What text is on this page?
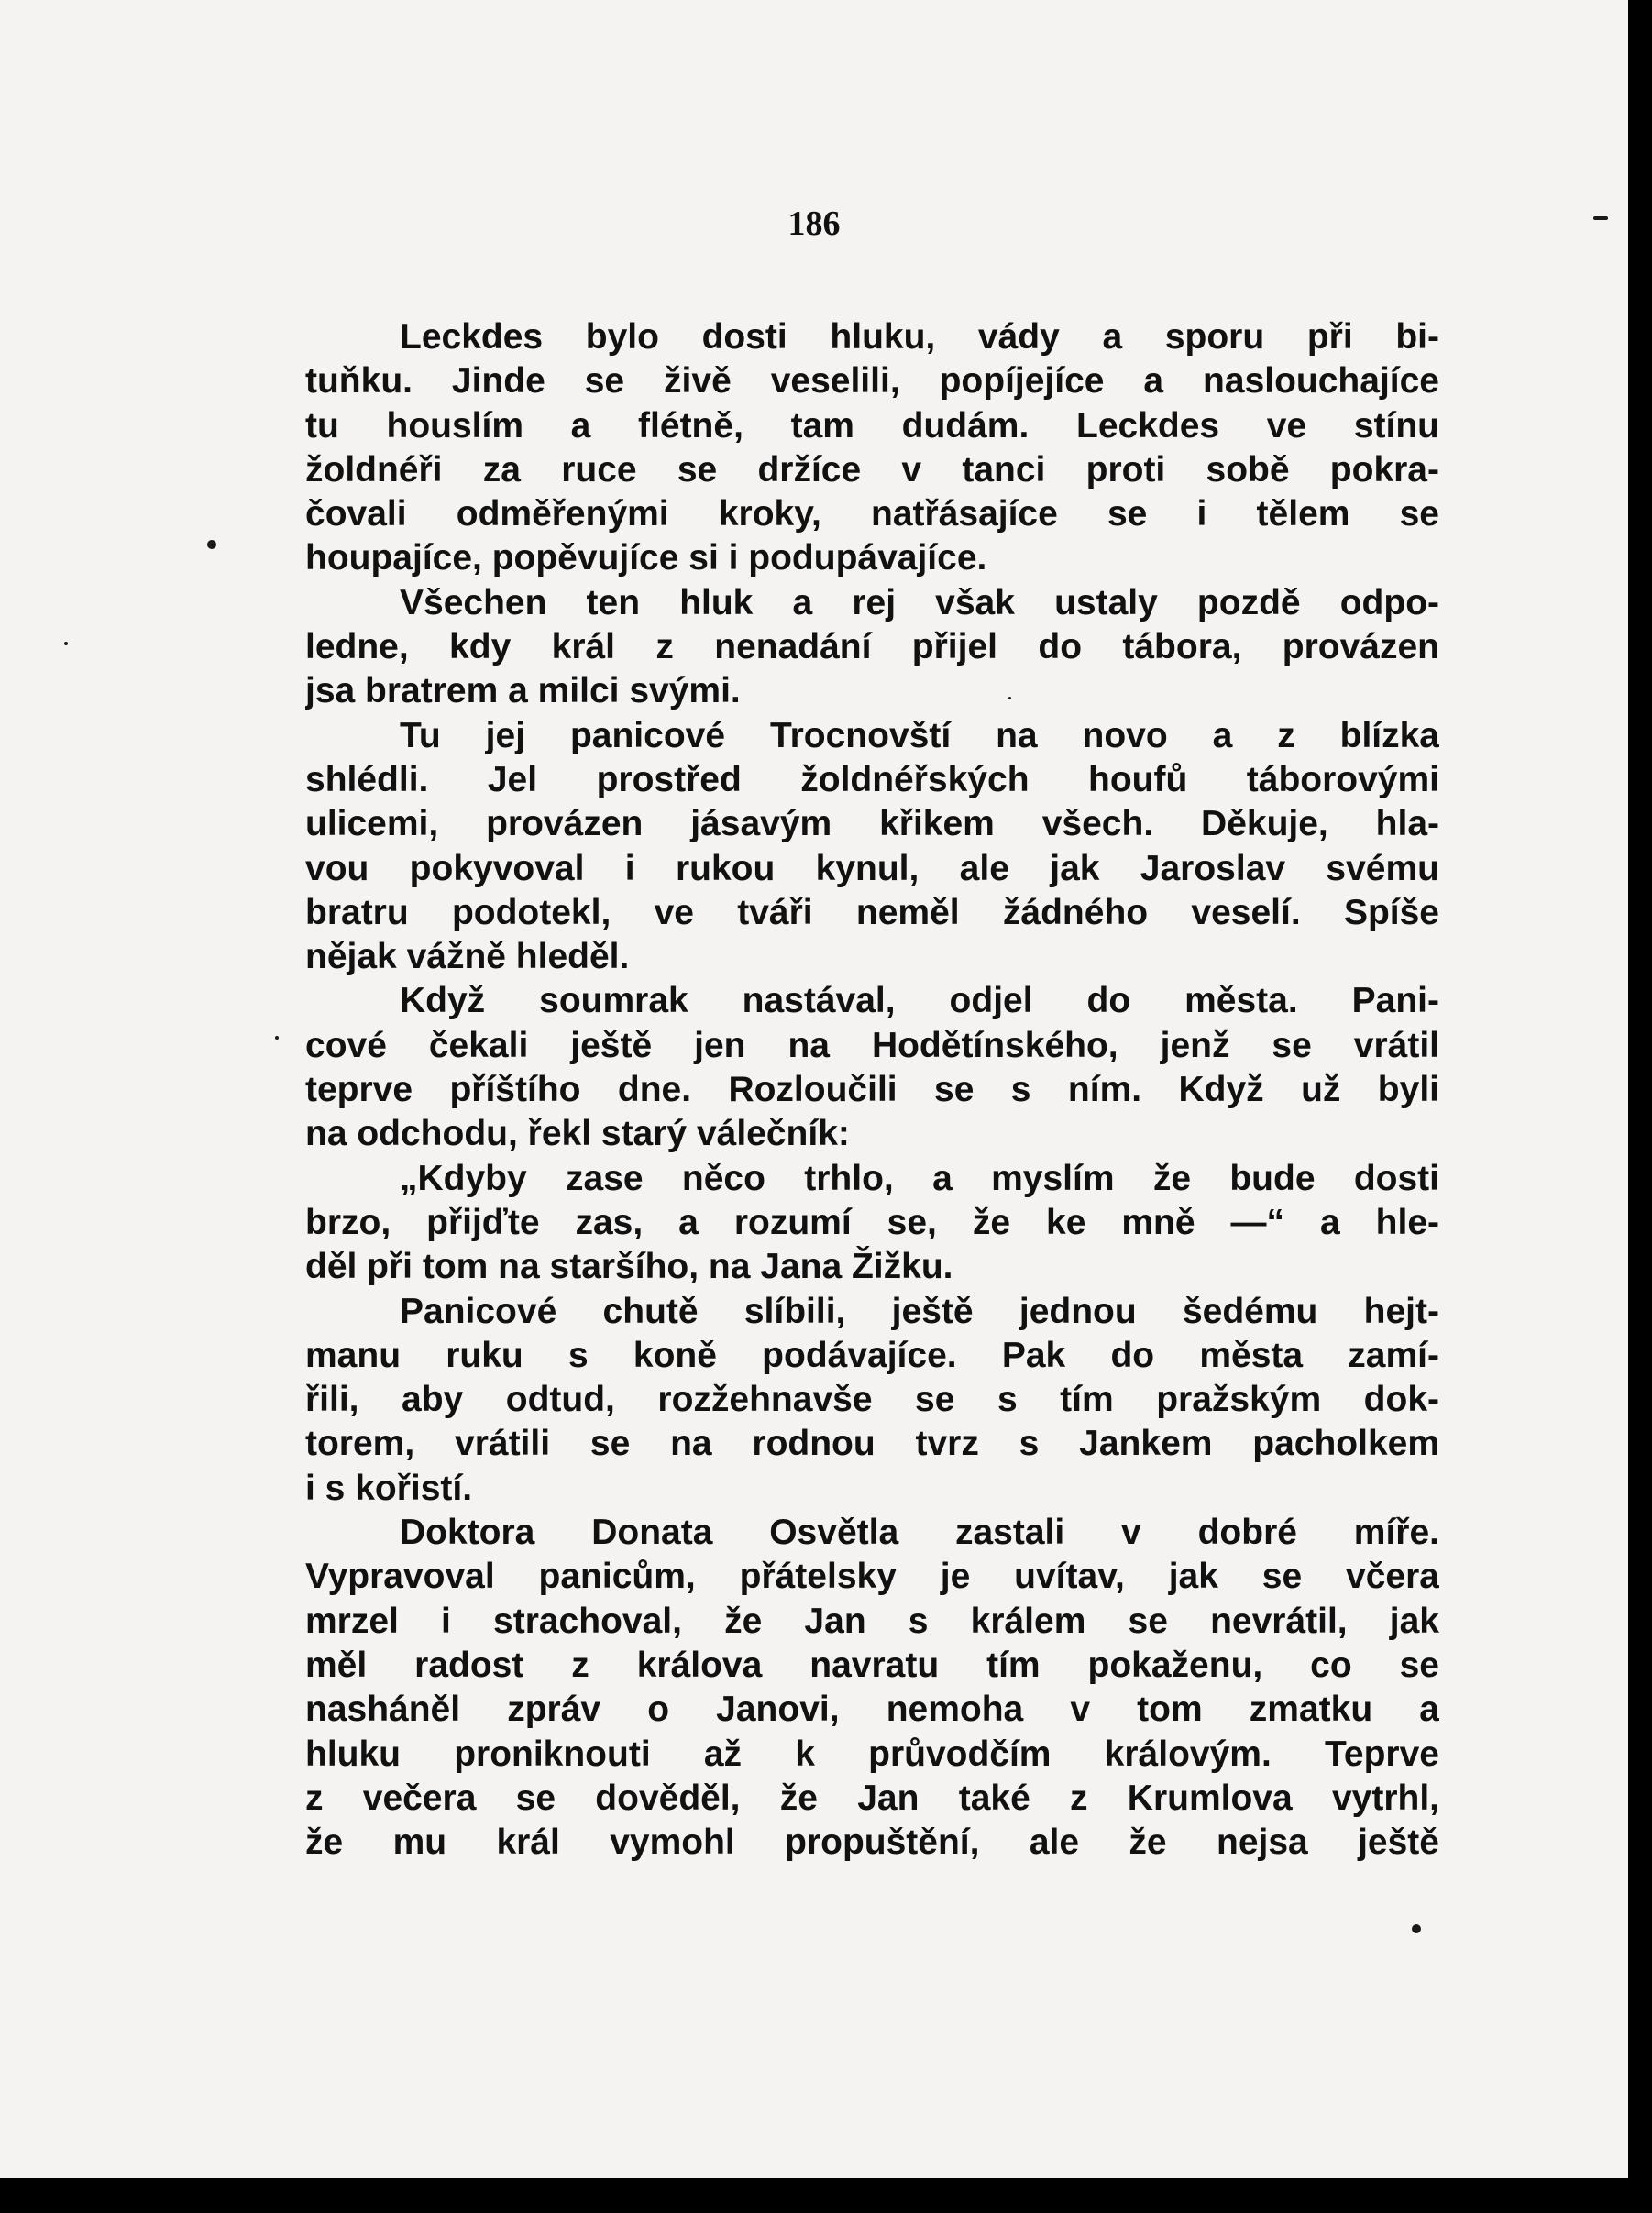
186
Leckdes bylo dosti hluku, vády a sporu při bi-
tuňku. Jinde se živě veselili, popíjejíce a naslouchajíce
tu houslím a flétně, tam dudám. Leckdes ve stínu
žoldnéři za ruce se držíce v tanci proti sobě pokra-
čovali odměřenými kroky, natřásajíce se i tělem se
houpajíce, popěvujíce si i podupávajíce.
Všechen ten hluk a rej však ustaly pozdě odpo-
ledne, kdy král z nenadání přijel do tábora, provázen
jsa bratrem a milci svými.
Tu jej panicové Trocnovští na novo a z blízka
shlédli. Jel prostřed žoldnéřských houfů táborovými
ulicemi, provázen jásavým křikem všech. Děkuje, hla-
vou pokyvoval i rukou kynul, ale jak Jaroslav svému
bratru podotekl, ve tváři neměl žádného veselí. Spíše
nějak vážně hleděl.
Když soumrak nastával, odjel do města. Pani-
cové čekali ještě jen na Hodětínského, jenž se vrátil
teprve příštího dne. Rozloučili se s ním. Když už byli
na odchodu, řekl starý válečník:
„Kdyby zase něco trhlo, a myslím že bude dosti
brzo, přijďte zas, a rozumí se, že ke mně —“ a hle-
děl při tom na staršího, na Jana Žižku.
Panicové chutě slíbili, ještě jednou šedému hejt-
manu ruku s koně podávajíce. Pak do města zamí-
řili, aby odtud, rozžehnavše se s tím pražským dok-
torem, vrátili se na rodnou tvrz s Jankem pacholkem
i s kořistí.
Doktora Donata Osvětla zastali v dobré míře.
Vypravoval panicům, přátelsky je uvítav, jak se včera
mrzel i strachoval, že Jan s králem se nevrátil, jak
měl radost z králova navratu tím pokaženu, co se
nasháněl zpráv o Janovi, nemoha v tom zmatku a
hluku proniknouti až k průvodčím královým. Teprve
z večera se dověděl, že Jan také z Krumlova vytrhl,
že mu král vymohl propuštění, ale že nejsa ještě
